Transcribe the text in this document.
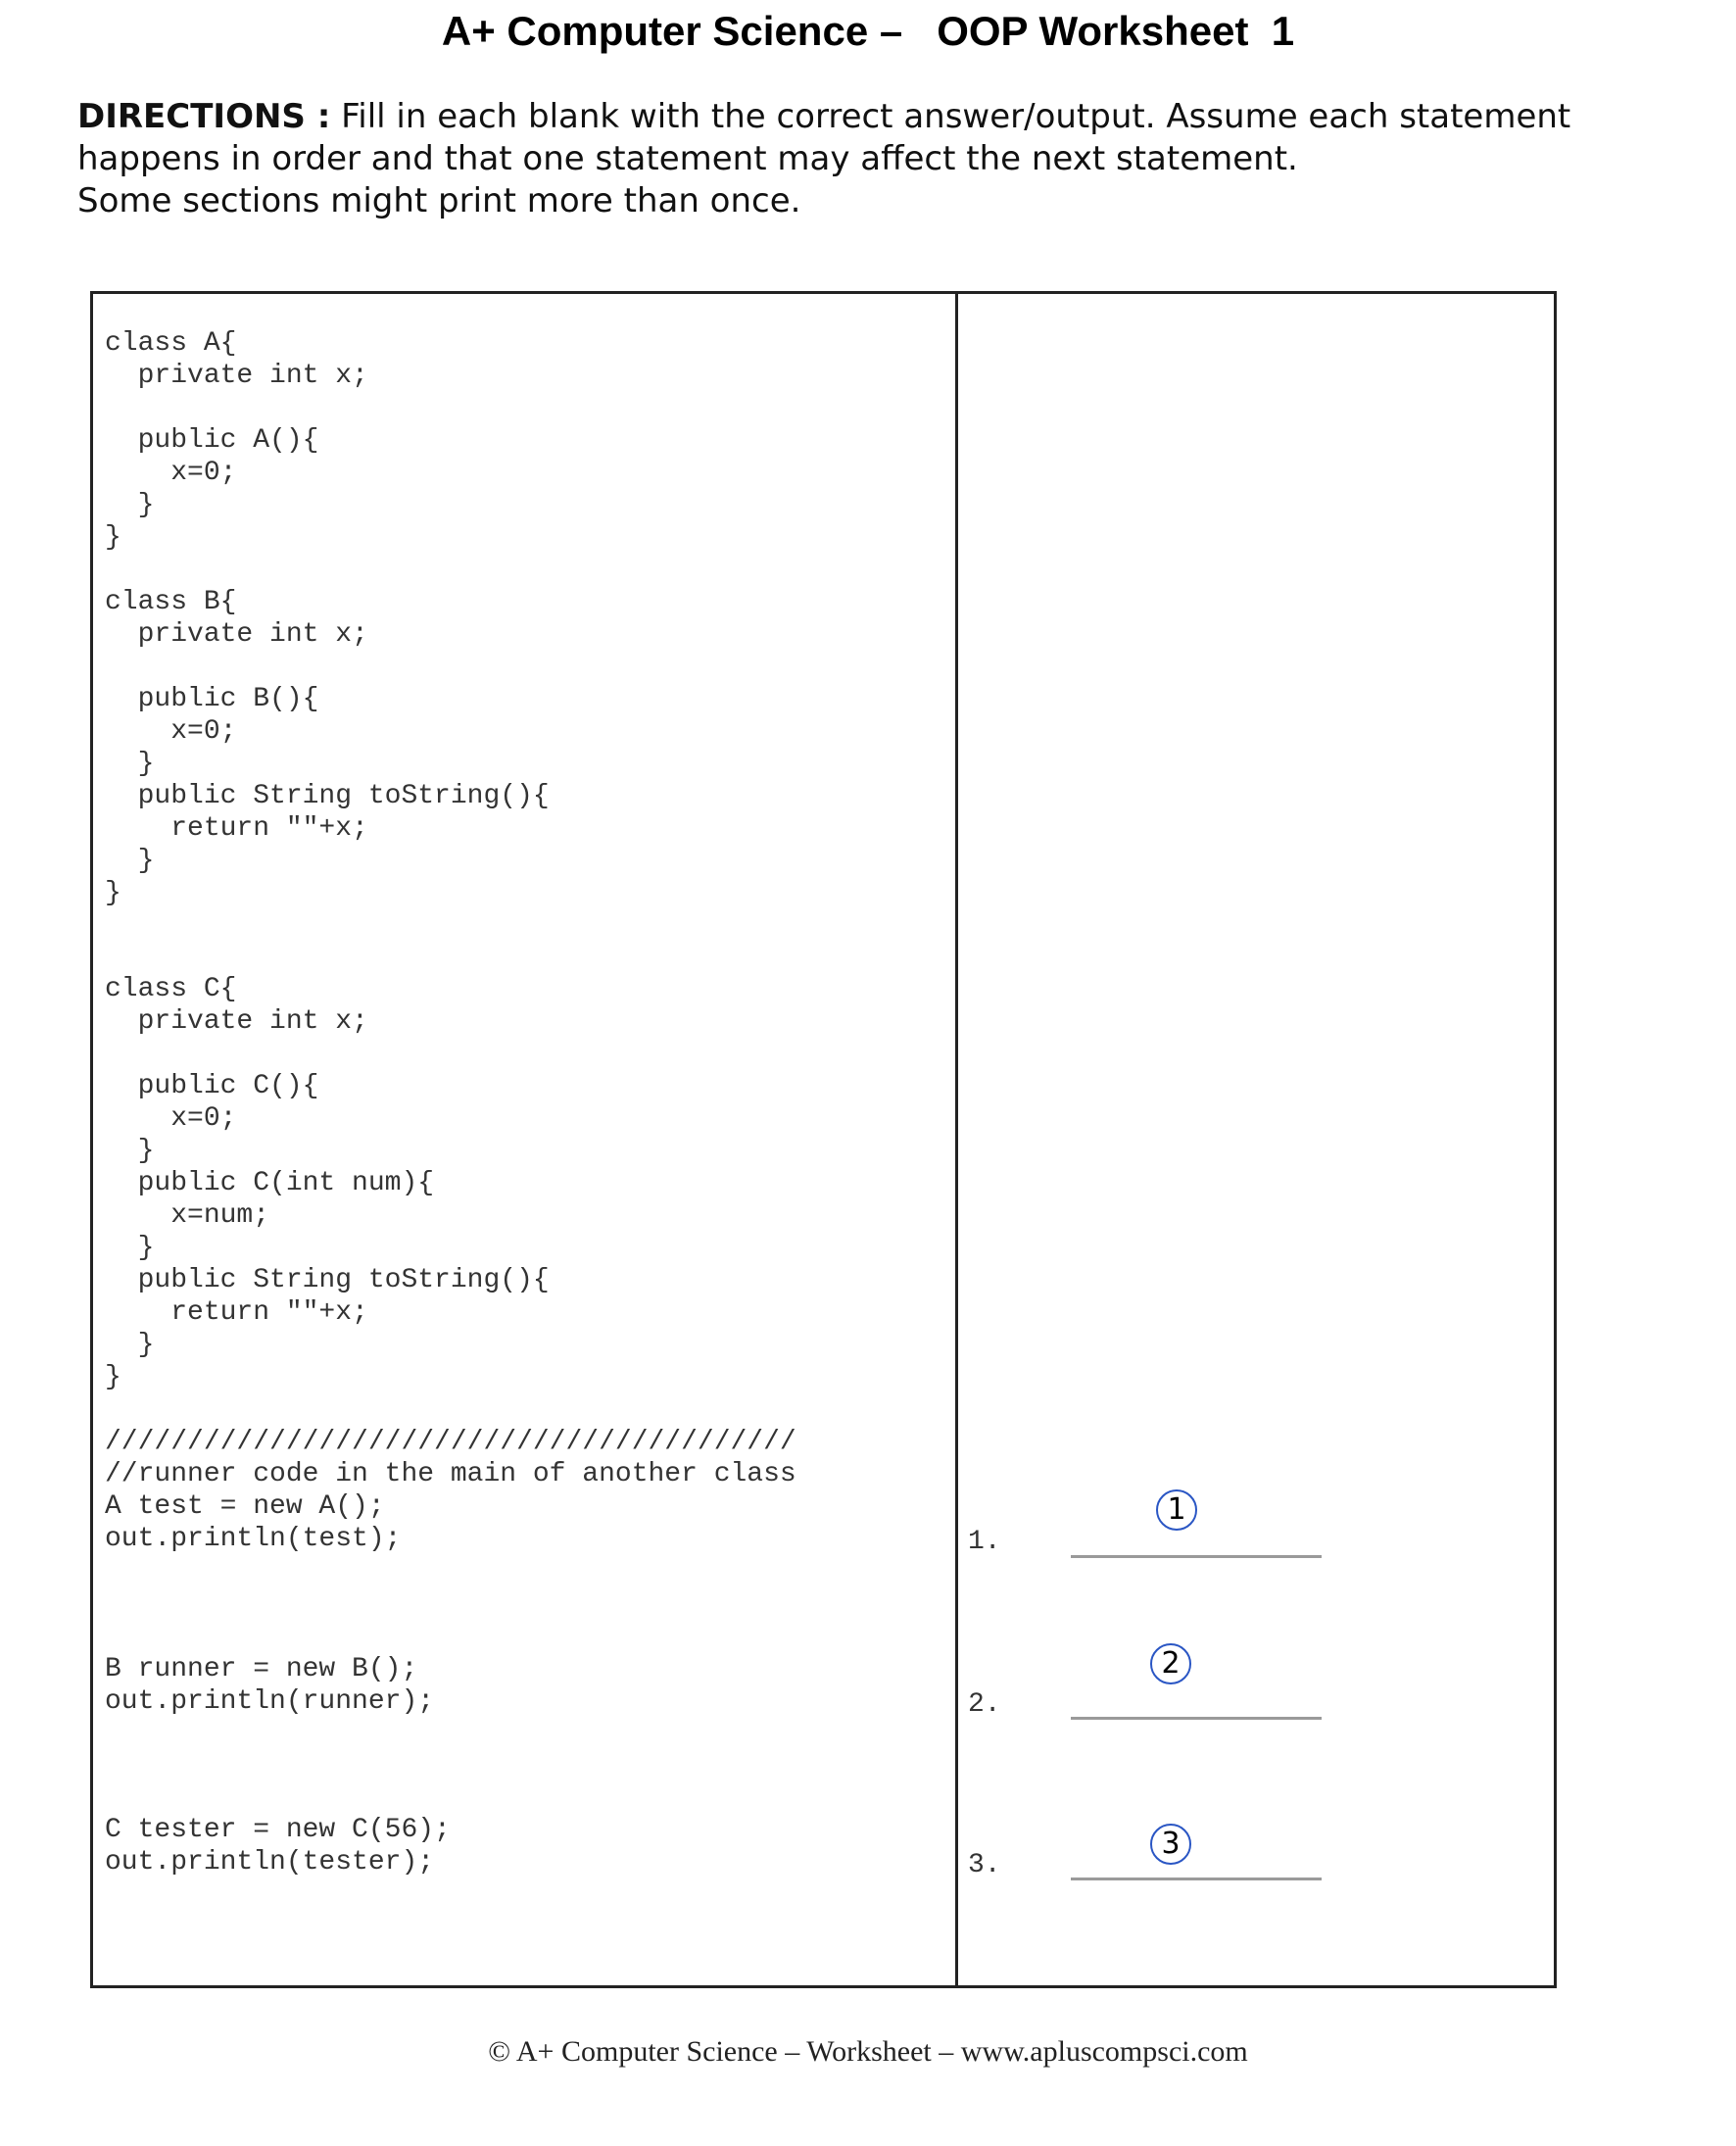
A+ Computer Science –   OOP Worksheet  1
DIRECTIONS : Fill in each blank with the correct answer/output. Assume each statement happens in order and that one statement may affect the next statement.
Some sections might print more than once.
class A{
private int x;

public A(){
x=0;
}
}
class B{
private int x;

public B(){
x=0;
}
public String toString(){
return ""+x;
}
}
class C{
private int x;

public C(){
x=0;
}
public C(int num){
x=num;
}
public String toString(){
return ""+x;
}
}
//////////////////////////////////////////
//runner code in the main of another class
A test = new A();
out.println(test);
B runner = new B();
out.println(runner);
C tester = new C(56);
out.println(tester);
1.
1
2.
2
3.
3
© A+ Computer Science – Worksheet – www.apluscompsci.com
